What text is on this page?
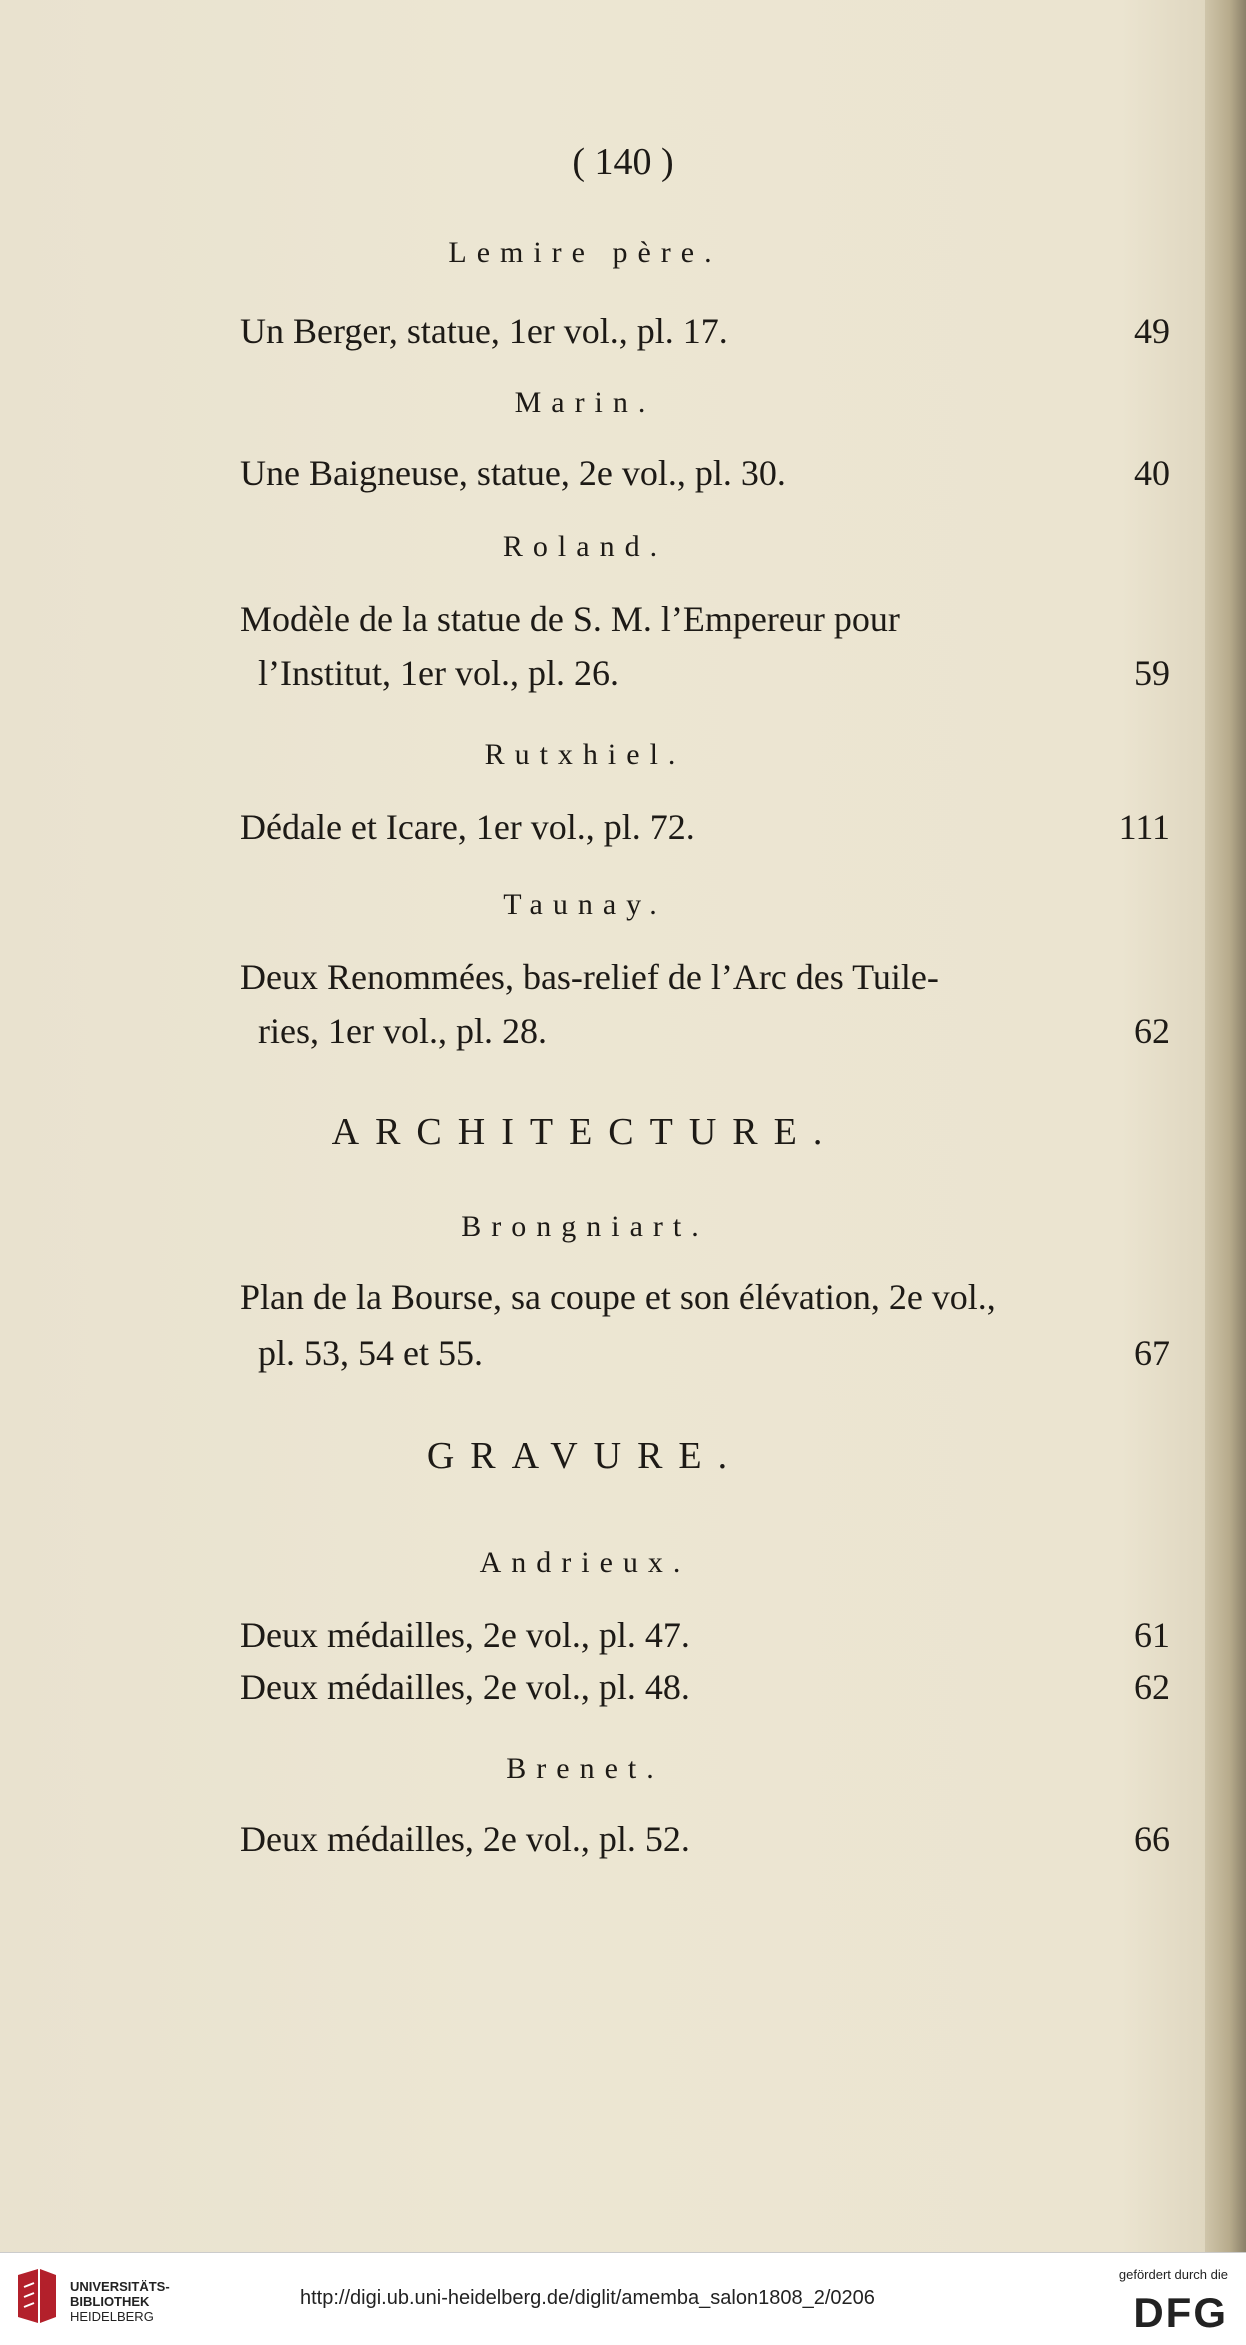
( 140 )
Lemire père.
Un Berger, statue, 1er vol., pl. 17.	49
Marin.
Une Baigneuse, statue, 2e vol., pl. 30.	40
Roland.
Modèle de la statue de S. M. l’Empereur pour
l’Institut, 1er vol., pl. 26.	59
Rutxhiel.
Dédale et Icare, 1er vol., pl. 72.	111
Taunay.
Deux Renommées, bas-relief de l’Arc des Tuile-
ries, 1er vol., pl. 28.	62
ARCHITECTURE.
Brongniart.
Plan de la Bourse, sa coupe et son élévation, 2e vol.,
pl. 53, 54 et 55.	67
GRAVURE.
Andrieux.
Deux médailles, 2e vol., pl. 47.	61
Deux médailles, 2e vol., pl. 48.	62
Brenet.
Deux médailles, 2e vol., pl. 52.	66
UNIVERSITÄTS-
BIBLIOTHEK
HEIDELBERG
http://digi.ub.uni-heidelberg.de/diglit/amemba_salon1808_2/0206
gefördert durch die
DFG
